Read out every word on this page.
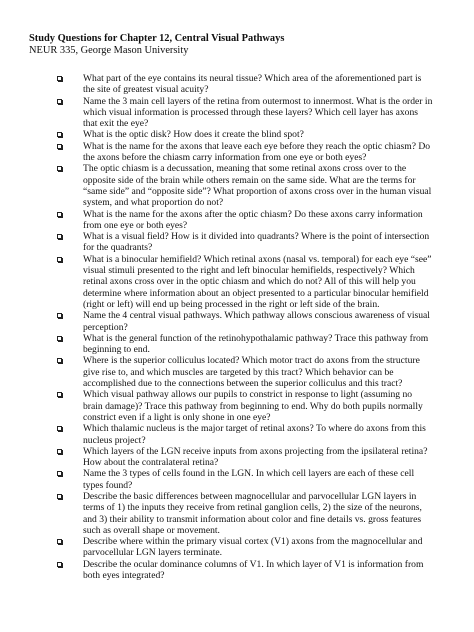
Study Questions for Chapter 12, Central Visual Pathways

NEUR 335, George Mason University

What part of the eye contains its neural tissue? Which area of the aforementioned part is the site of greatest visual acuity?
Name the 3 main cell layers of the retina from outermost to innermost. What is the order in which visual information is processed through these layers? Which cell layer has axons that exit the eye?
What is the optic disk? How does it create the blind spot?
What is the name for the axons that leave each eye before they reach the optic chiasm? Do the axons before the chiasm carry information from one eye or both eyes?
The optic chiasm is a decussation, meaning that some retinal axons cross over to the opposite side of the brain while others remain on the same side. What are the terms for “same side” and “opposite side”? What proportion of axons cross over in the human visual system, and what proportion do not?
What is the name for the axons after the optic chiasm? Do these axons carry information from one eye or both eyes?
What is a visual field? How is it divided into quadrants? Where is the point of intersection for the quadrants?
What is a binocular hemifield? Which retinal axons (nasal vs. temporal) for each eye “see” visual stimuli presented to the right and left binocular hemifields, respectively? Which retinal axons cross over in the optic chiasm and which do not? All of this will help you determine where information about an object presented to a particular binocular hemifield (right or left) will end up being processed in the right or left side of the brain.
Name the 4 central visual pathways. Which pathway allows conscious awareness of visual perception?
What is the general function of the retinohypothalamic pathway? Trace this pathway from beginning to end.
Where is the superior colliculus located? Which motor tract do axons from the structure give rise to, and which muscles are targeted by this tract? Which behavior can be accomplished due to the connections between the superior colliculus and this tract?
Which visual pathway allows our pupils to constrict in response to light (assuming no brain damage)? Trace this pathway from beginning to end. Why do both pupils normally constrict even if a light is only shone in one eye?
Which thalamic nucleus is the major target of retinal axons? To where do axons from this nucleus project?
Which layers of the LGN receive inputs from axons projecting from the ipsilateral retina? How about the contralateral retina?
Name the 3 types of cells found in the LGN. In which cell layers are each of these cell types found?
Describe the basic differences between magnocellular and parvocellular LGN layers in terms of 1) the inputs they receive from retinal ganglion cells, 2) the size of the neurons, and 3) their ability to transmit information about color and fine details vs. gross features such as overall shape or movement.
Describe where within the primary visual cortex (V1) axons from the magnocellular and parvocellular LGN layers terminate.
Describe the ocular dominance columns of V1. In which layer of V1 is information from both eyes integrated?
